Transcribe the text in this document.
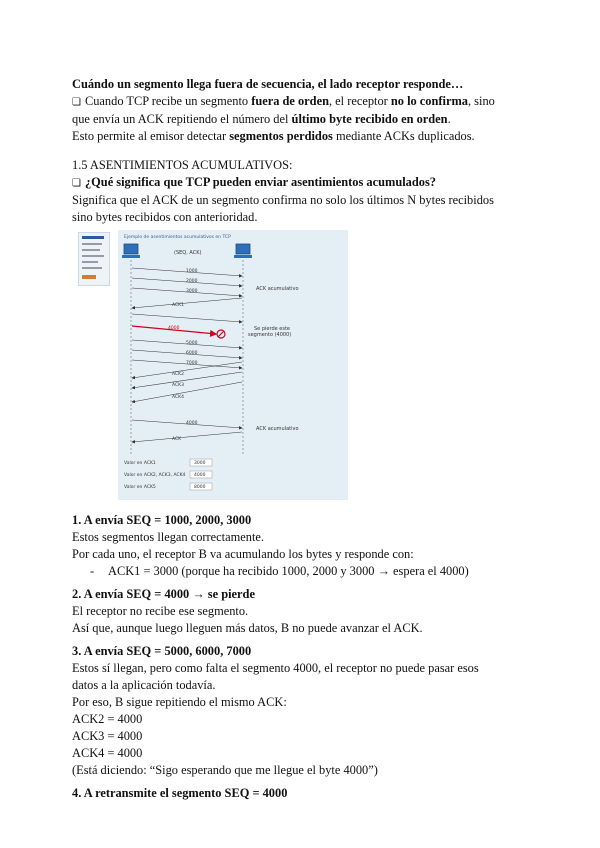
Cuándo un segmento llega fuera de secuencia, el lado receptor responde…
❏ Cuando TCP recibe un segmento fuera de orden, el receptor no lo confirma, sino
que envía un ACK repitiendo el número del último byte recibido en orden.
Esto permite al emisor detectar segmentos perdidos mediante ACKs duplicados.
1.5 ASENTIMIENTOS ACUMULATIVOS:
❏ ¿Qué significa que TCP pueden enviar asentimientos acumulados?
Significa que el ACK de un segmento confirma no solo los últimos N bytes recibidos
sino bytes recibidos con anterioridad.
Ejemplo de asentimientos acumulativos en TCP
(SEQ, ACK)
1000
2000
3000	ACK acumulativo
ACK1
4000	Se pierde este
segmento (4000)
5000
6000
7000
ACK2
ACK3
ACK4
4000
ACK acumulativo
ACK
Valor en ACK1	3000
Valor en ACK2, ACK3, ACK4 4000
Valor en ACK5	8000
1. A envía SEQ = 1000, 2000, 3000
Estos segmentos llegan correctamente.
Por cada uno, el receptor B va acumulando los bytes y responde con:
- ACK1 = 3000 (porque ha recibido 1000, 2000 y 3000 → espera el 4000)
2. A envía SEQ = 4000 → se pierde
El receptor no recibe ese segmento.
Así que, aunque luego lleguen más datos, B no puede avanzar el ACK.
3. A envía SEQ = 5000, 6000, 7000
Estos sí llegan, pero como falta el segmento 4000, el receptor no puede pasar esos
datos a la aplicación todavía.
Por eso, B sigue repitiendo el mismo ACK:
ACK2 = 4000
ACK3 = 4000
ACK4 = 4000
(Está diciendo: “Sigo esperando que me llegue el byte 4000”)
4. A retransmite el segmento SEQ = 4000
